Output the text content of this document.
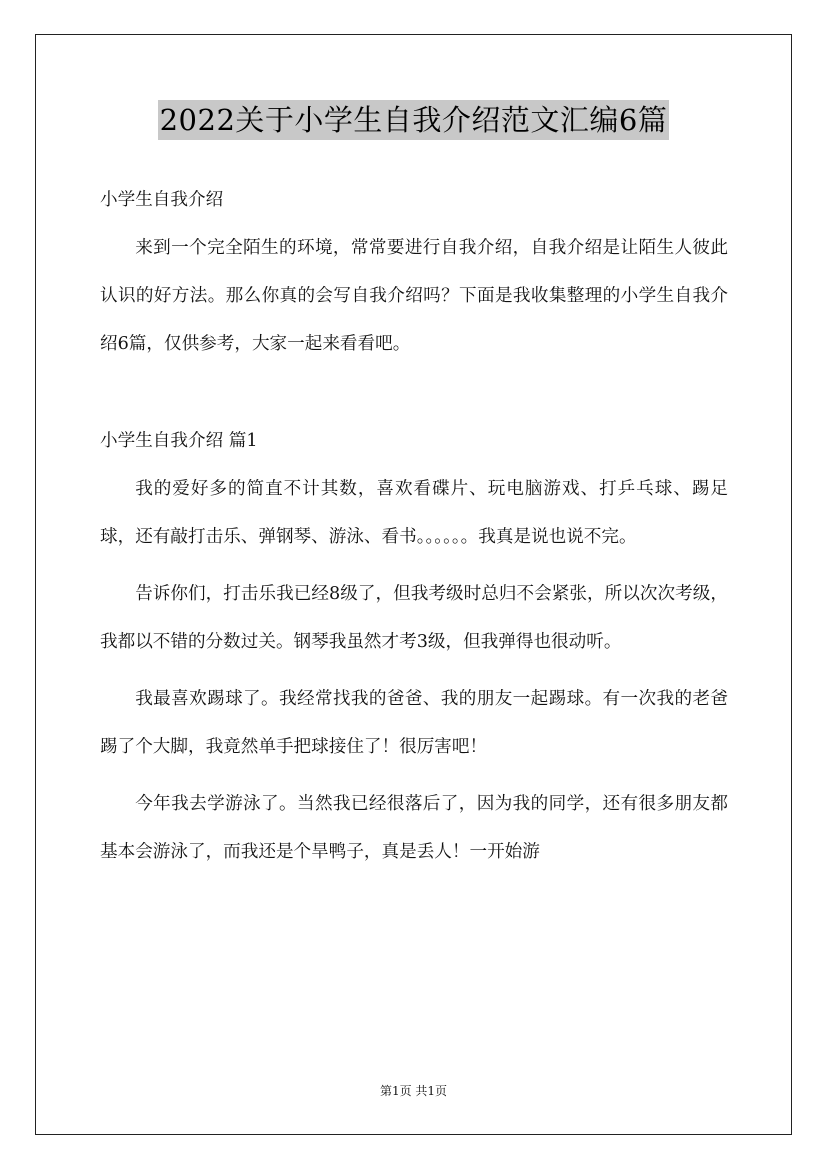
2022关于小学生自我介绍范文汇编6篇

小学生自我介绍

来到一个完全陌生的环境，常常要进行自我介绍，自我介绍是让陌生人彼此认识的好方法。那么你真的会写自我介绍吗？下面是我收集整理的小学生自我介绍6篇，仅供参考，大家一起来看看吧。

小学生自我介绍 篇1

我的爱好多的简直不计其数，喜欢看碟片、玩电脑游戏、打乒乓球、踢足球，还有敲打击乐、弹钢琴、游泳、看书。。。。。。我真是说也说不完。

告诉你们，打击乐我已经8级了，但我考级时总归不会紧张，所以次次考级，我都以不错的分数过关。钢琴我虽然才考3级，但我弹得也很动听。

我最喜欢踢球了。我经常找我的爸爸、我的朋友一起踢球。有一次我的老爸踢了个大脚，我竟然单手把球接住了！很厉害吧！

今年我去学游泳了。当然我已经很落后了，因为我的同学，还有很多朋友都基本会游泳了，而我还是个旱鸭子，真是丢人！一开始游

第1页 共1页
